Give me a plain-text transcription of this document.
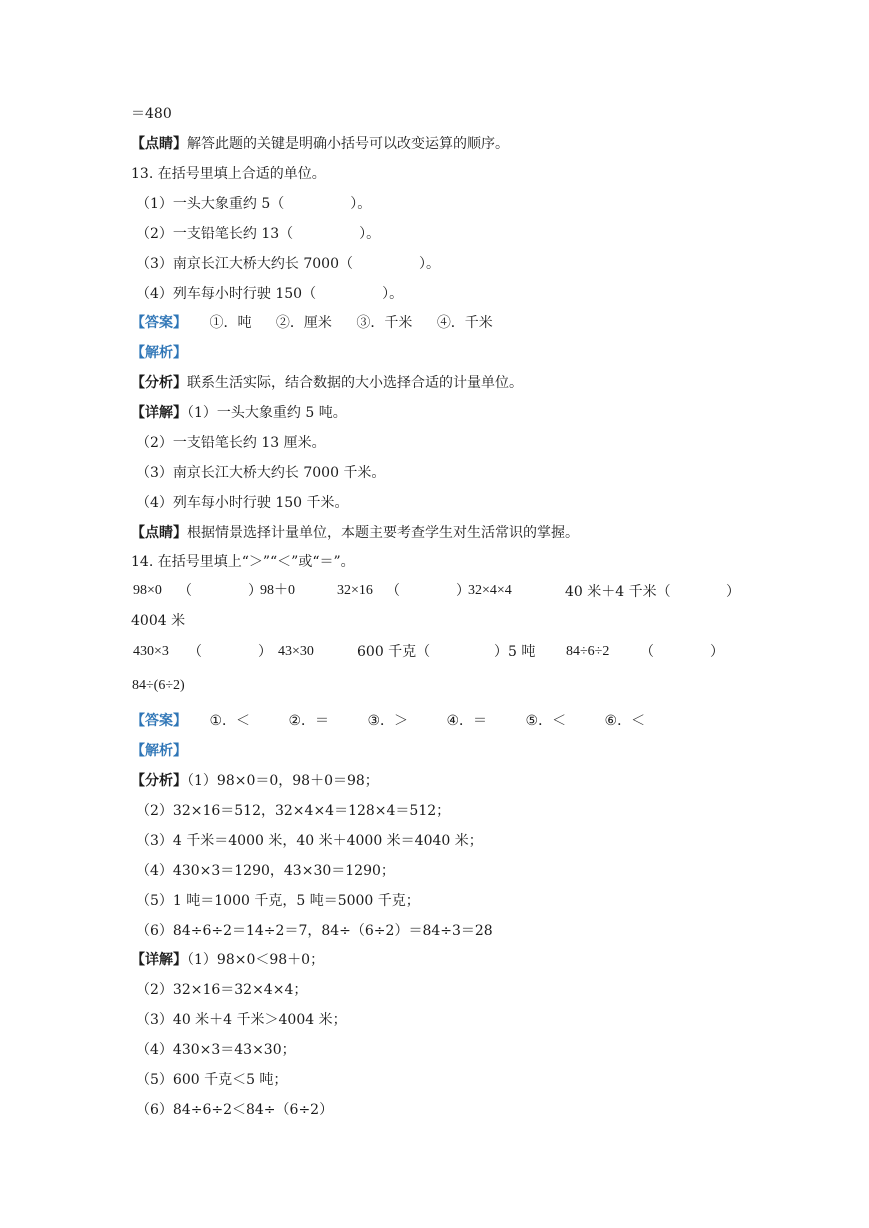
＝480
【点睛】解答此题的关键是明确小括号可以改变运算的顺序。
13. 在括号里填上合适的单位。
（1）一头大象重约 5（	）。
（2）一支铅笔长约 13（	）。
（3）南京长江大桥大约长 7000（	）。
（4）列车每小时行驶 150（	）。
【答案】 ①．吨 ②．厘米 ③．千米 ④．千米
【解析】
【分析】联系生活实际，结合数据的大小选择合适的计量单位。
【详解】（1）一头大象重约 5 吨。
（2）一支铅笔长约 13 厘米。
（3）南京长江大桥大约长 7000 千米。
（4）列车每小时行驶 150 千米。
【点睛】根据情景选择计量单位，本题主要考查学生对生活常识的掌握。
14. 在括号里填上“＞”“＜”或“＝”。
98×0 （	）
98＋0	32×16 （	）
32×4×4	40 米＋4 千米（	）
4004 米
430×3 （	） 43×30	600 千克（	）5 吨 84÷6÷2 （	）
84÷(6÷2)
【答案】 ①．＜	②．＝	③．＞	④．＝	⑤．＜	⑥．＜
【解析】
【分析】（1）98×0＝0，98＋0＝98；
（2）32×16＝512，32×4×4＝128×4＝512；
（3）4 千米＝4000 米，40 米＋4000 米＝4040 米；
（4）430×3＝1290，43×30＝1290；
（5）1 吨＝1000 千克，5 吨＝5000 千克；
（6）84÷6÷2＝14÷2＝7，84÷（6÷2）＝84÷3＝28
【详解】（1）98×0＜98＋0；
（2）32×16＝32×4×4；
（3）40 米＋4 千米＞4004 米；
（4）430×3＝43×30；
（5）600 千克＜5 吨；
（6）84÷6÷2＜84÷（6÷2）
